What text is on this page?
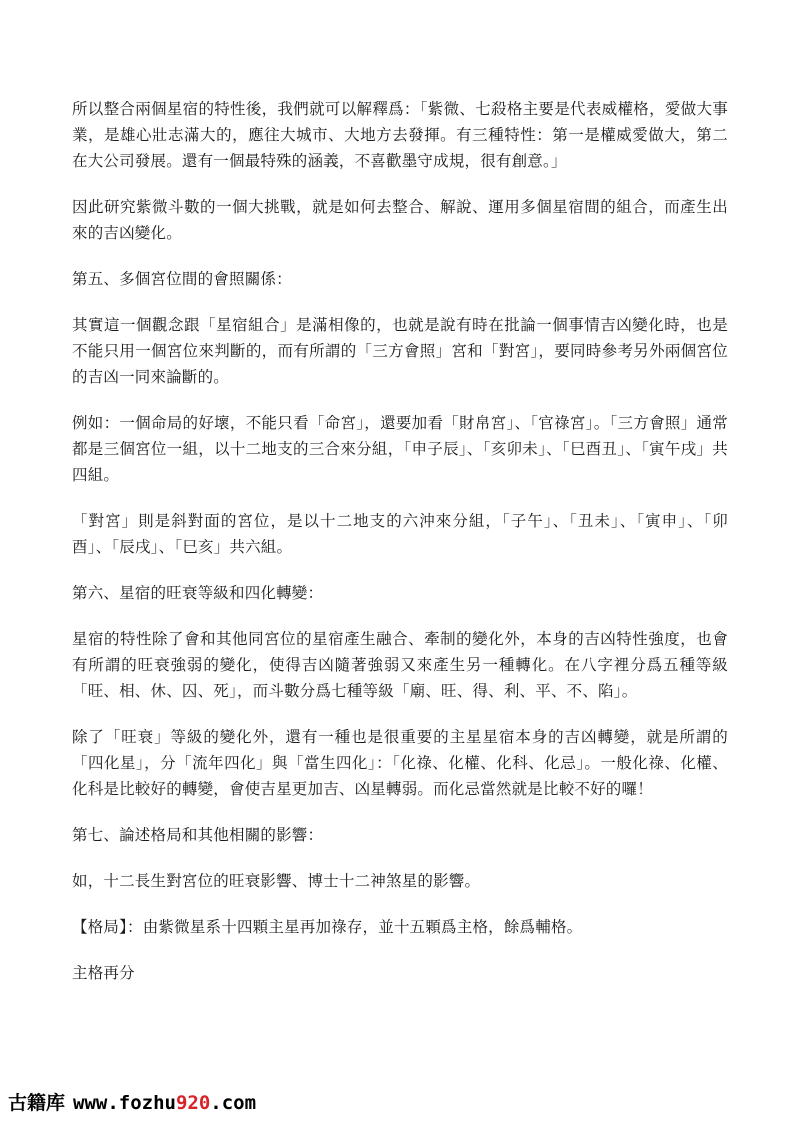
所以整合兩個星宿的特性後，我們就可以解釋爲：「紫微、七殺格主要是代表威權格，愛做大事業，是雄心壯志滿大的，應往大城市、大地方去發揮。有三種特性：第一是權威愛做大，第二在大公司發展。還有一個最特殊的涵義，不喜歡墨守成規，很有創意。」

因此研究紫微斗數的一個大挑戰，就是如何去整合、解說、運用多個星宿間的組合，而產生出來的吉凶變化。

第五、多個宮位間的會照關係：

其實這一個觀念跟「星宿組合」是滿相像的，也就是說有時在批論一個事情吉凶變化時，也是不能只用一個宮位來判斷的，而有所謂的「三方會照」宮和「對宮」，要同時參考另外兩個宮位的吉凶一同來論斷的。

例如：一個命局的好壞，不能只看「命宮」，還要加看「財帛宮」、「官祿宮」。「三方會照」通常都是三個宮位一組，以十二地支的三合來分組，「申子辰」、「亥卯未」、「巳酉丑」、「寅午戌」共四組。

「對宮」則是斜對面的宮位，是以十二地支的六沖來分組，「子午」、「丑未」、「寅申」、「卯酉」、「辰戌」、「巳亥」共六組。

第六、星宿的旺衰等級和四化轉變：

星宿的特性除了會和其他同宮位的星宿產生融合、牽制的變化外，本身的吉凶特性強度，也會有所謂的旺衰強弱的變化，使得吉凶隨著強弱又來產生另一種轉化。在八字裡分爲五種等級「旺、相、休、囚、死」，而斗數分爲七種等級「廟、旺、得、利、平、不、陷」。

除了「旺衰」等級的變化外，還有一種也是很重要的主星星宿本身的吉凶轉變，就是所謂的「四化星」，分「流年四化」與「當生四化」：「化祿、化權、化科、化忌」。一般化祿、化權、化科是比較好的轉變，會使吉星更加吉、凶星轉弱。而化忌當然就是比較不好的囉！

第七、論述格局和其他相關的影響：

如，十二長生對宮位的旺衰影響、博士十二神煞星的影響。

【格局】：由紫微星系十四顆主星再加祿存，並十五顆爲主格，餘爲輔格。

主格再分

古籍库 www.fozhu920.com
